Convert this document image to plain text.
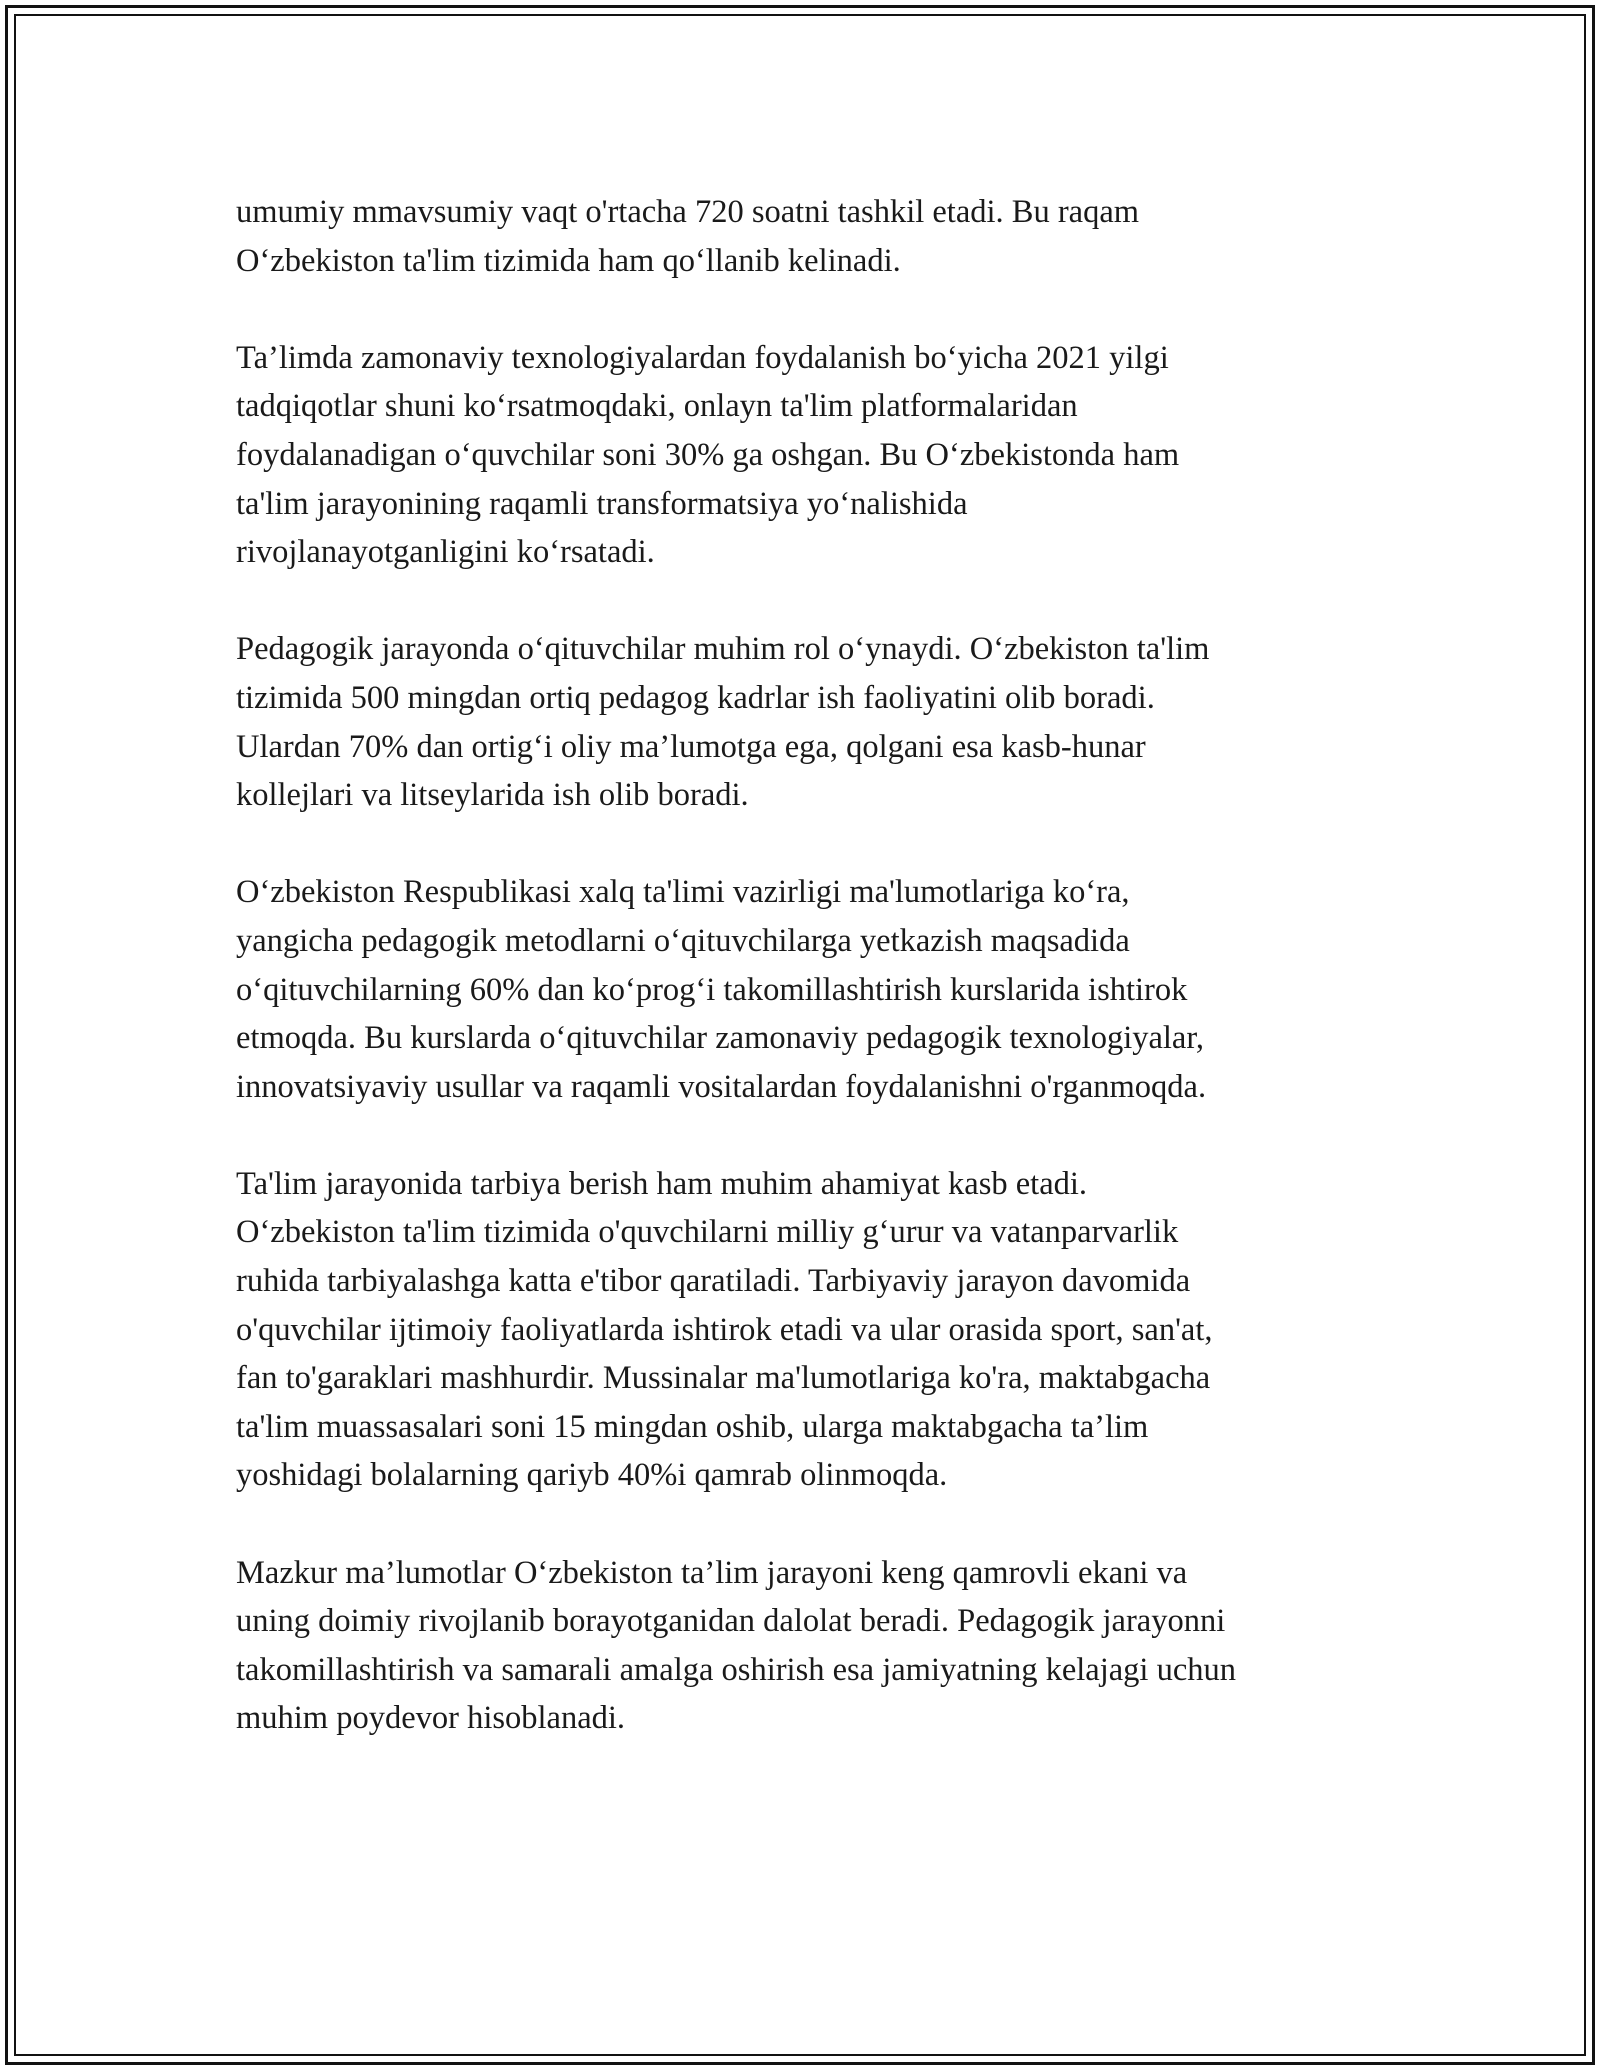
umumiy mmavsumiy vaqt o'rtacha 720 soatni tashkil etadi. Bu raqam
O‘zbekiston ta'lim tizimida ham qo‘llanib kelinadi.

Ta’limda zamonaviy texnologiyalardan foydalanish bo‘yicha 2021 yilgi
tadqiqotlar shuni ko‘rsatmoqdaki, onlayn ta'lim platformalaridan
foydalanadigan o‘quvchilar soni 30% ga oshgan. Bu O‘zbekistonda ham
ta'lim jarayonining raqamli transformatsiya yo‘nalishida
rivojlanayotganligini ko‘rsatadi.

Pedagogik jarayonda o‘qituvchilar muhim rol o‘ynaydi. O‘zbekiston ta'lim
tizimida 500 mingdan ortiq pedagog kadrlar ish faoliyatini olib boradi.
Ulardan 70% dan ortig‘i oliy ma’lumotga ega, qolgani esa kasb-hunar
kollejlari va litseylarida ish olib boradi.

O‘zbekiston Respublikasi xalq ta'limi vazirligi ma'lumotlariga ko‘ra,
yangicha pedagogik metodlarni o‘qituvchilarga yetkazish maqsadida
o‘qituvchilarning 60% dan ko‘prog‘i takomillashtirish kurslarida ishtirok
etmoqda. Bu kurslarda o‘qituvchilar zamonaviy pedagogik texnologiyalar,
innovatsiyaviy usullar va raqamli vositalardan foydalanishni o'rganmoqda.

Ta'lim jarayonida tarbiya berish ham muhim ahamiyat kasb etadi.
O‘zbekiston ta'lim tizimida o'quvchilarni milliy g‘urur va vatanparvarlik
ruhida tarbiyalashga katta e'tibor qaratiladi. Tarbiyaviy jarayon davomida
o'quvchilar ijtimoiy faoliyatlarda ishtirok etadi va ular orasida sport, san'at,
fan to'garaklari mashhurdir. Mussinalar ma'lumotlariga ko'ra, maktabgacha
ta'lim muassasalari soni 15 mingdan oshib, ularga maktabgacha ta’lim
yoshidagi bolalarning qariyb 40%i qamrab olinmoqda.

Mazkur ma’lumotlar O‘zbekiston ta’lim jarayoni keng qamrovli ekani va
uning doimiy rivojlanib borayotganidan dalolat beradi. Pedagogik jarayonni
takomillashtirish va samarali amalga oshirish esa jamiyatning kelajagi uchun
muhim poydevor hisoblanadi.
